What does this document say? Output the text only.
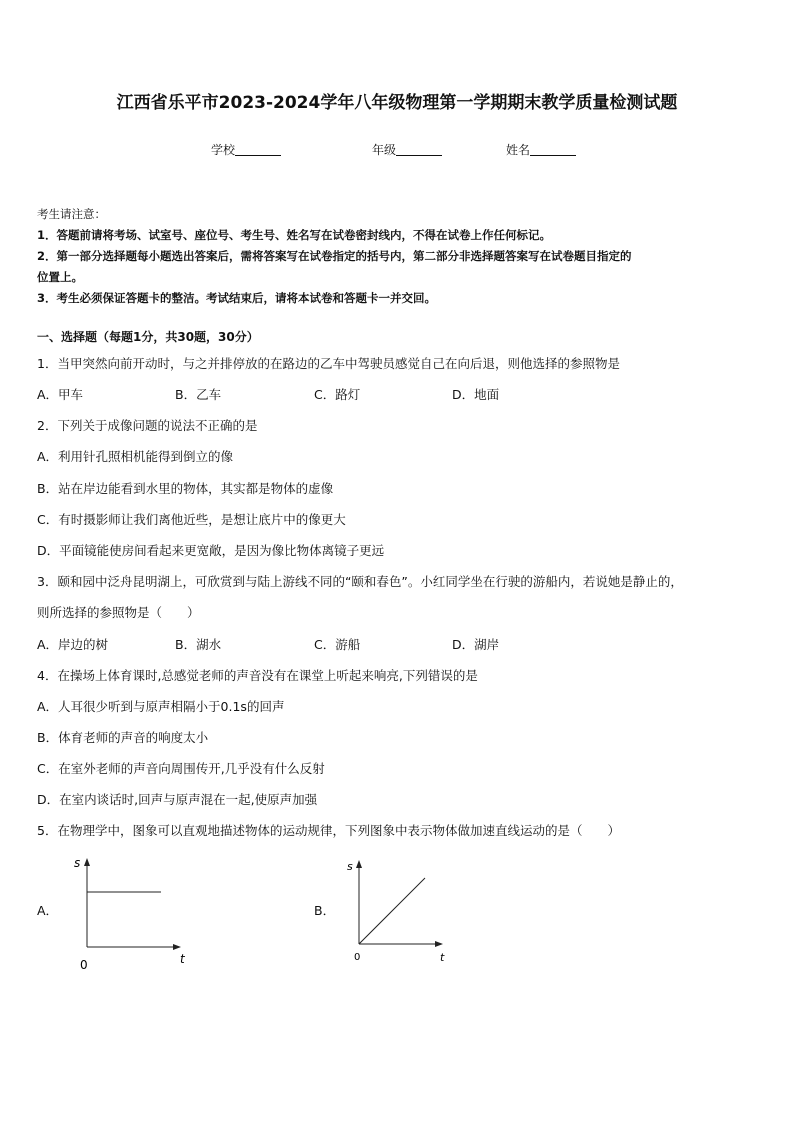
江西省乐平市2023-2024学年八年级物理第一学期期末教学质量检测试题
学校	年级	姓名
考生请注意：
1．答题前请将考场、试室号、座位号、考生号、姓名写在试卷密封线内，不得在试卷上作任何标记。
2．第一部分选择题每小题选出答案后，需将答案写在试卷指定的括号内，第二部分非选择题答案写在试卷题目指定的
位置上。
3．考生必须保证答题卡的整洁。考试结束后，请将本试卷和答题卡一并交回。
一、选择题（每题1分，共30题，30分）
1．当甲突然向前开动时，与之并排停放的在路边的乙车中驾驶员感觉自己在向后退，则他选择的参照物是
A．甲车	B．乙车	C．路灯	D．地面
2．下列关于成像问题的说法不正确的是
A．利用针孔照相机能得到倒立的像
B．站在岸边能看到水里的物体，其实都是物体的虚像
C．有时摄影师让我们离他近些，是想让底片中的像更大
D．平面镜能使房间看起来更宽敞，是因为像比物体离镜子更远
3．颐和园中泛舟昆明湖上，可欣赏到与陆上游线不同的“颐和春色”。小红同学坐在行驶的游船内，若说她是静止的，
则所选择的参照物是（　　）
A．岸边的树	B．湖水	C．游船	D．湖岸
4．在操场上体育课时,总感觉老师的声音没有在课堂上听起来响亮,下列错误的是
A．人耳很少听到与原声相隔小于0.1s的回声
B．体育老师的声音的响度太小
C．在室外老师的声音向周围传开,几乎没有什么反射
D．在室内谈话时,回声与原声混在一起,使原声加强
5．在物理学中，图象可以直观地描述物体的运动规律，下列图象中表示物体做加速直线运动的是（　　）
A．
s
t
0
B．
s
t
0
